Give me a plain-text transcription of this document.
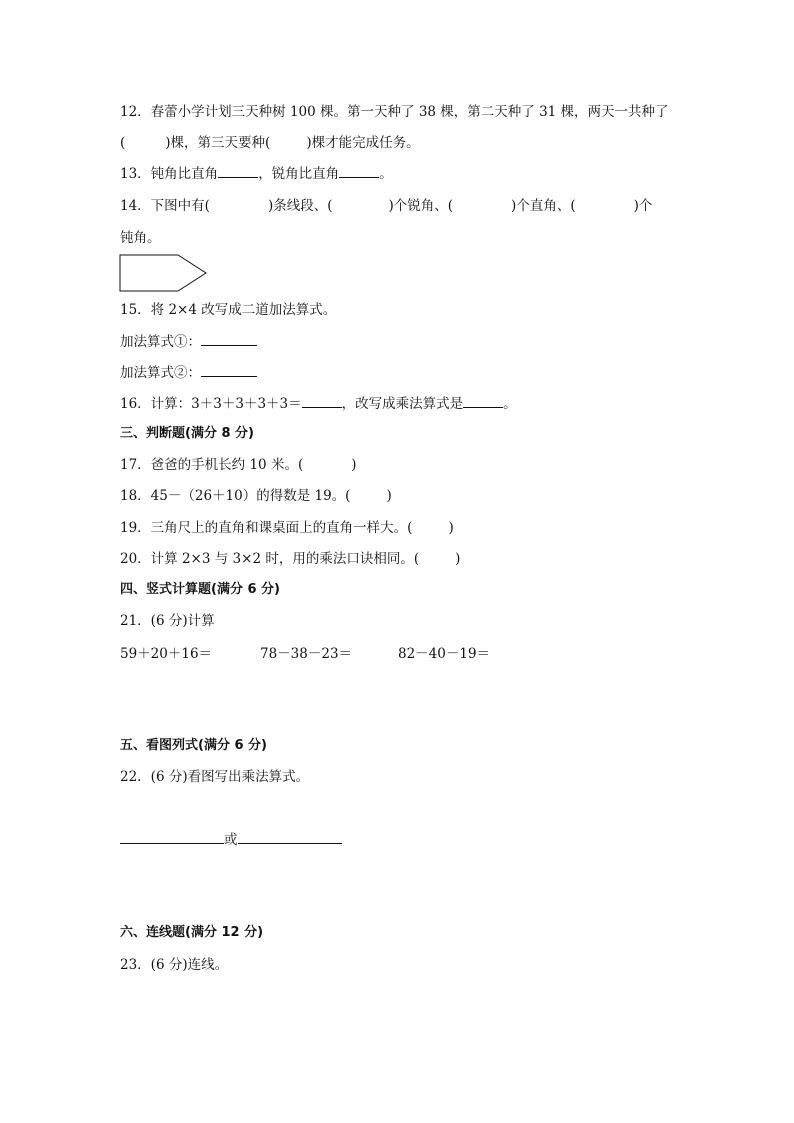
12．春蕾小学计划三天种树 100 棵。第一天种了 38 棵，第二天种了 31 棵，两天一共种了
(	)棵，第三天要种(	)棵才能完成任务。
13．钝角比直角	，锐角比直角	。
14．下图中有(	)条线段、(	)个锐角、(	)个直角、(	)个
钝角。
15．将 2×4 改写成二道加法算式。
加法算式①：
加法算式②：
16．计算：3＋3＋3＋3＋3＝	，改写成乘法算式是	。
三、判断题(满分 8 分)
17．爸爸的手机长约 10 米。(	)
18．45－（26＋10）的得数是 19。(	)
19．三角尺上的直角和课桌面上的直角一样大。(	)
20．计算 2×3 与 3×2 时，用的乘法口诀相同。(	)
四、竖式计算题(满分 6 分)
21．(6 分)计算
59＋20＋16＝	78－38－23＝	82－40－19＝
五、看图列式(满分 6 分)
22．(6 分)看图写出乘法算式。
或
六、连线题(满分 12 分)
23．(6 分)连线。
